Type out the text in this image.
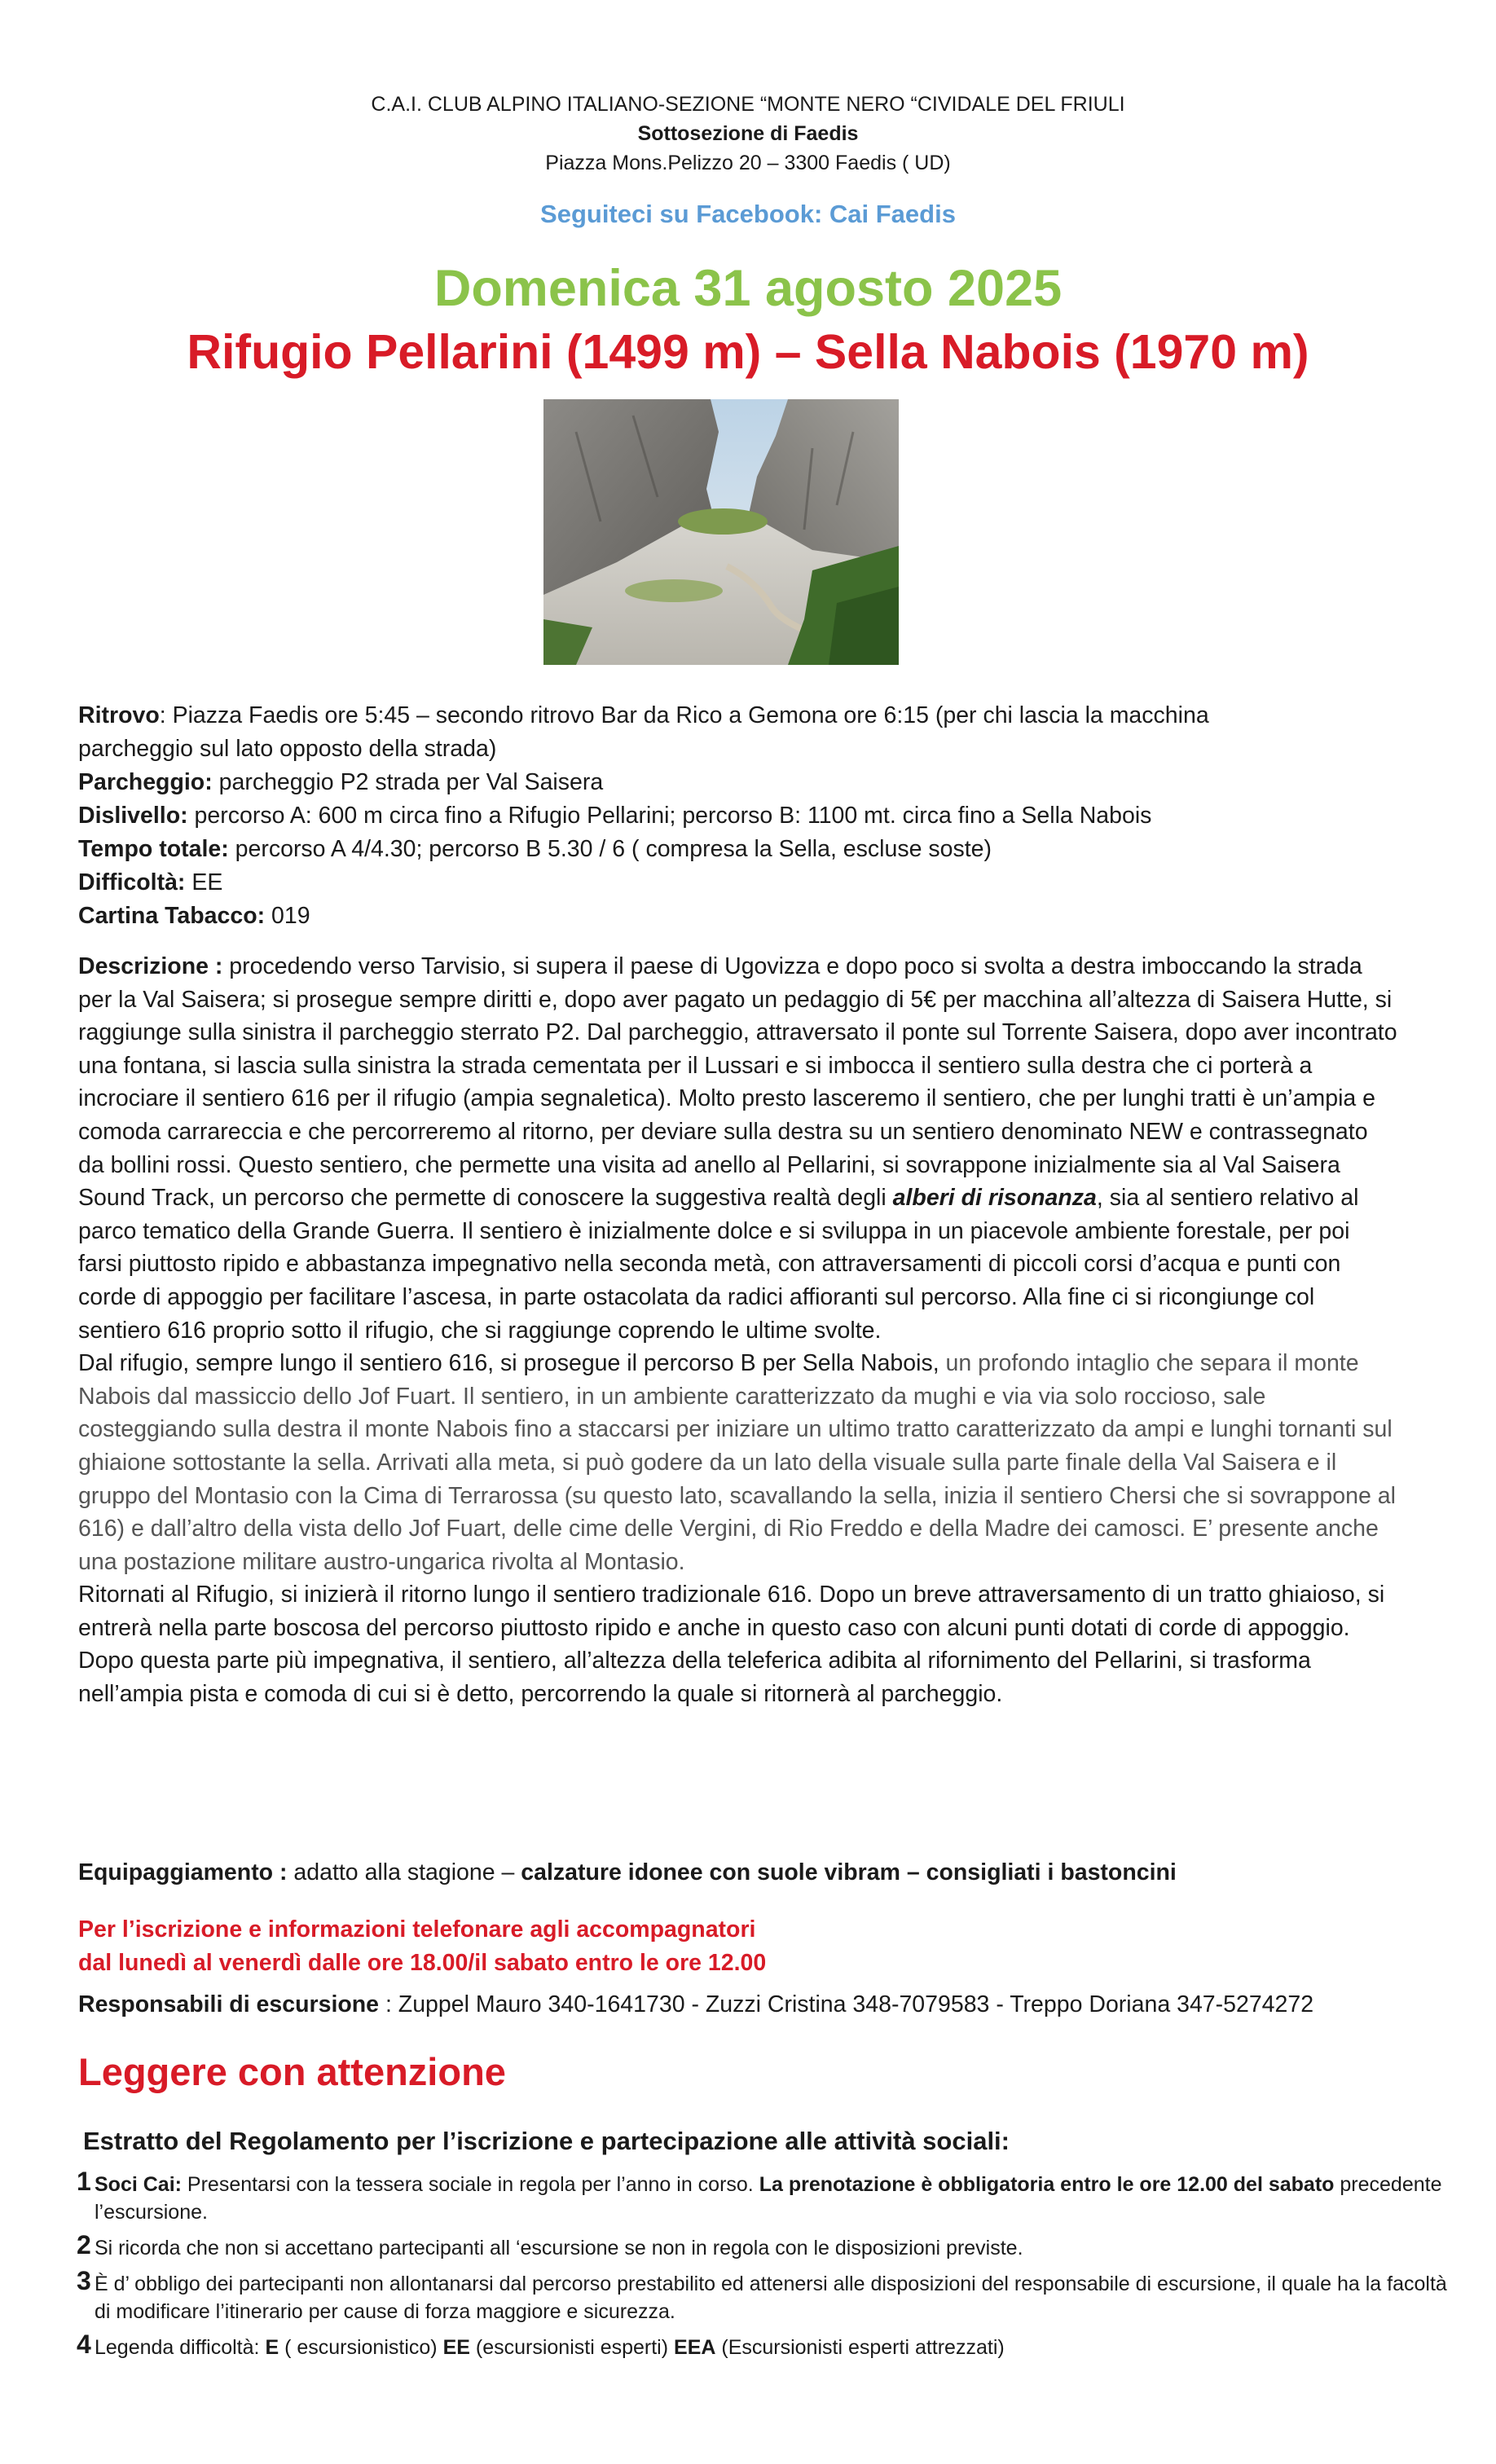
C.A.I. CLUB ALPINO ITALIANO-SEZIONE “MONTE NERO “CIVIDALE DEL FRIULI
Sottosezione di Faedis
Piazza Mons.Pelizzo 20 – 3300 Faedis ( UD)
Seguiteci su Facebook: Cai Faedis
Domenica 31 agosto 2025
Rifugio Pellarini (1499 m) – Sella Nabois (1970 m)
Ritrovo: Piazza Faedis ore 5:45 – secondo ritrovo Bar da Rico a Gemona ore 6:15 (per chi lascia la macchina
parcheggio sul lato opposto della strada)
Parcheggio: parcheggio P2 strada per Val Saisera
Dislivello: percorso A: 600 m circa fino a Rifugio Pellarini; percorso B: 1100 mt. circa fino a Sella Nabois
Tempo totale: percorso A 4/4.30; percorso B 5.30 / 6 ( compresa la Sella, escluse soste)
Difficoltà: EE
Cartina Tabacco: 019

Descrizione : procedendo verso Tarvisio, si supera il paese di Ugovizza e dopo poco si svolta a destra imboccando la strada per la Val Saisera; si prosegue sempre diritti e, dopo aver pagato un pedaggio di 5€ per macchina all’altezza di Saisera Hutte, si raggiunge sulla sinistra il parcheggio sterrato P2. Dal parcheggio, attraversato il ponte sul Torrente Saisera, dopo aver incontrato una fontana, si lascia sulla sinistra la strada cementata per il Lussari e si imbocca il sentiero sulla destra che ci porterà a incrociare il sentiero 616 per il rifugio (ampia segnaletica). Molto presto lasceremo il sentiero, che per lunghi tratti è un’ampia e comoda carrareccia e che percorreremo al ritorno, per deviare sulla destra su un sentiero denominato NEW e contrassegnato da bollini rossi. Questo sentiero, che permette una visita ad anello al Pellarini, si sovrappone inizialmente sia al Val Saisera Sound Track, un percorso che permette di conoscere la suggestiva realtà degli alberi di risonanza, sia al sentiero relativo al parco tematico della Grande Guerra. Il sentiero è inizialmente dolce e si sviluppa in un piacevole ambiente forestale, per poi farsi piuttosto ripido e abbastanza impegnativo nella seconda metà, con attraversamenti di piccoli corsi d’acqua e punti con corde di appoggio per facilitare l’ascesa, in parte ostacolata da radici affioranti sul percorso. Alla fine ci si ricongiunge col sentiero 616 proprio sotto il rifugio, che si raggiunge coprendo le ultime svolte.

Dal rifugio, sempre lungo il sentiero 616, si prosegue il percorso B per Sella Nabois, un profondo intaglio che separa il monte Nabois dal massiccio dello Jof Fuart. Il sentiero, in un ambiente caratterizzato da mughi e via via solo roccioso, sale costeggiando sulla destra il monte Nabois fino a staccarsi per iniziare un ultimo tratto caratterizzato da ampi e lunghi tornanti sul ghiaione sottostante la sella. Arrivati alla meta, si può godere da un lato della visuale sulla parte finale della Val Saisera e il gruppo del Montasio con la Cima di Terrarossa (su questo lato, scavallando la sella, inizia il sentiero Chersi che si sovrappone al 616) e dall’altro della vista dello Jof Fuart, delle cime delle Vergini, di Rio Freddo e della Madre dei camosci. E’ presente anche una postazione militare austro-ungarica rivolta al Montasio.

Ritornati al Rifugio, si inizierà il ritorno lungo il sentiero tradizionale 616. Dopo un breve attraversamento di un tratto ghiaioso, si entrerà nella parte boscosa del percorso piuttosto ripido e anche in questo caso con alcuni punti dotati di corde di appoggio. Dopo questa parte più impegnativa, il sentiero, all’altezza della teleferica adibita al rifornimento del Pellarini, si trasforma nell’ampia pista e comoda di cui si è detto, percorrendo la quale si ritornerà al parcheggio.

Equipaggiamento : adatto alla stagione – calzature idonee con suole vibram – consigliati i bastoncini
Per l’iscrizione e informazioni telefonare agli accompagnatori
dal lunedì al venerdì dalle ore 18.00/il sabato entro le ore 12.00
Responsabili di escursione : Zuppel Mauro 340-1641730 - Zuzzi Cristina 348-7079583 - Treppo Doriana 347-5274272
Leggere con attenzione
Estratto del Regolamento per l’iscrizione e partecipazione alle attività sociali:
1 Soci Cai: Presentarsi con la tessera sociale in regola per l’anno in corso. La prenotazione è obbligatoria entro le ore 12.00 del sabato precedente l’escursione.
2 Si ricorda che non si accettano partecipanti all ‘escursione se non in regola con le disposizioni previste.
3 È d’ obbligo dei partecipanti non allontanarsi dal percorso prestabilito ed attenersi alle disposizioni del responsabile di escursione, il quale ha la facoltà di modificare l’itinerario per cause di forza maggiore e sicurezza.
4 Legenda difficoltà: E ( escursionistico) EE (escursionisti esperti) EEA (Escursionisti esperti attrezzati)
